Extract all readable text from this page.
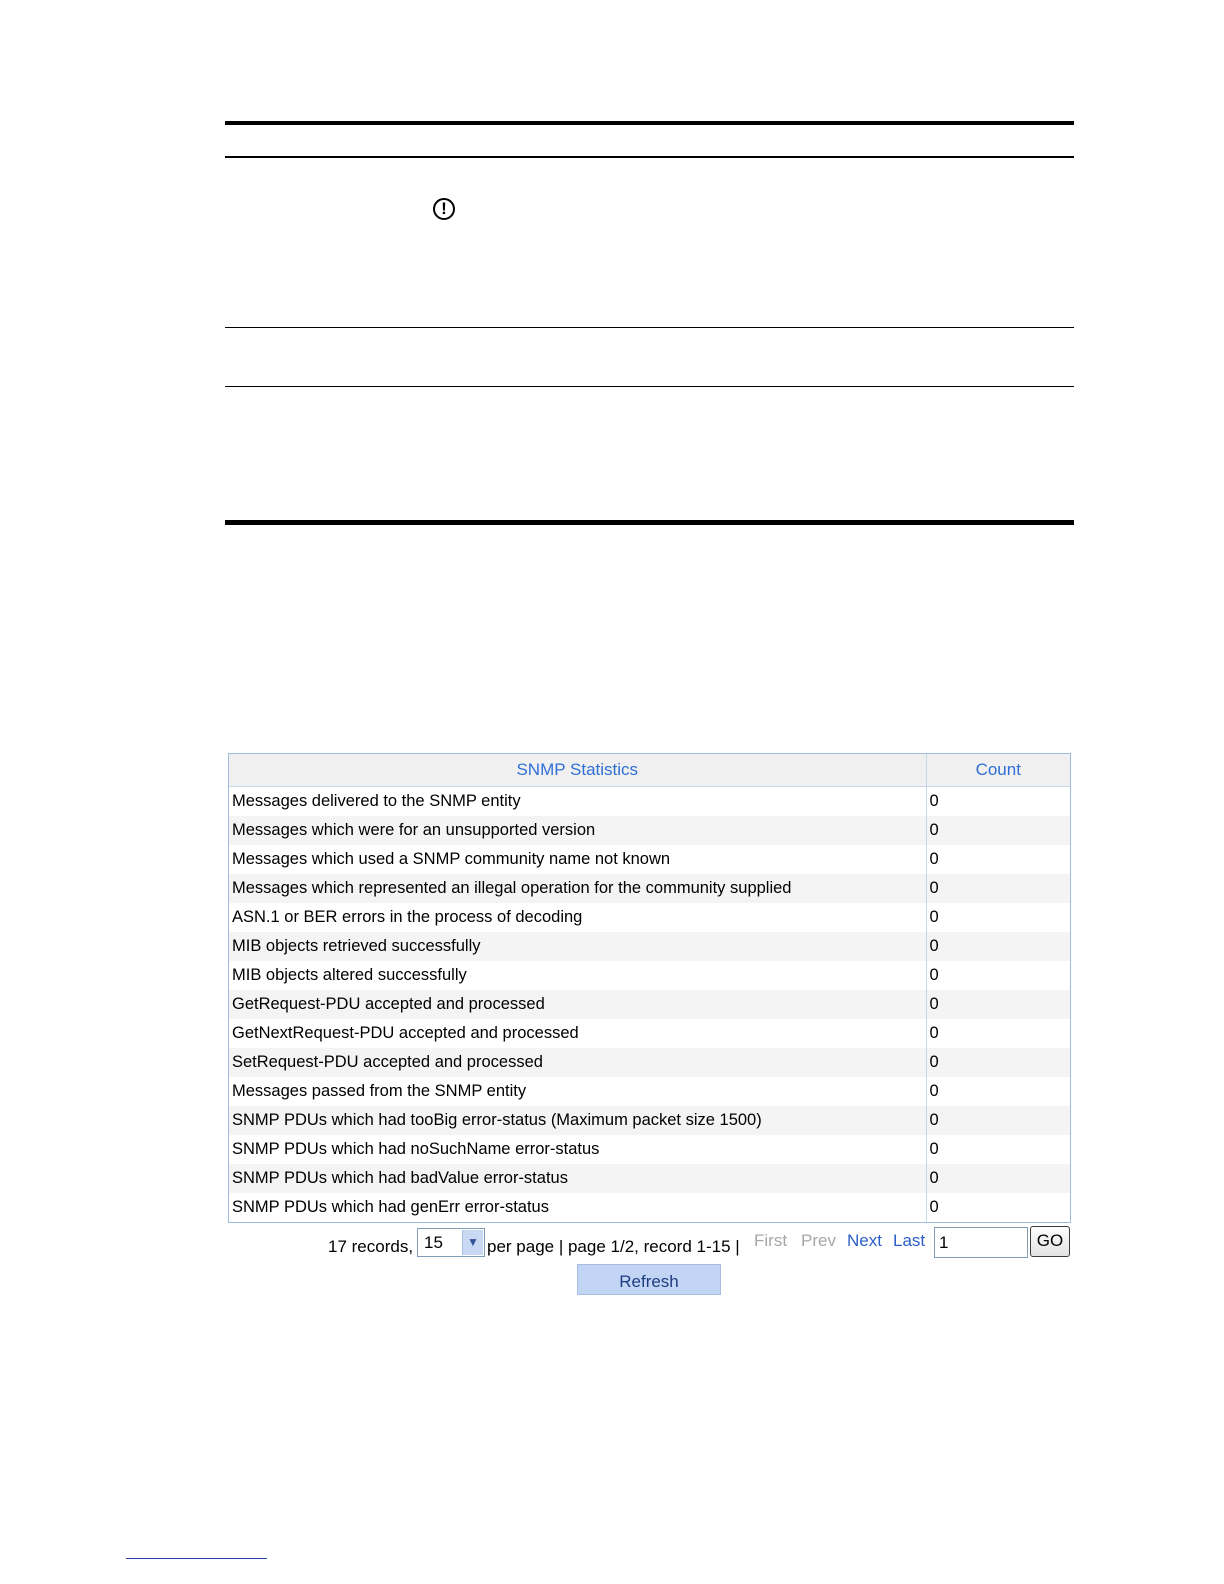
!
SNMP Statistics	Count
Messages delivered to the SNMP entity	0
Messages which were for an unsupported version	0
Messages which used a SNMP community name not known	0
Messages which represented an illegal operation for the community supplied	0
ASN.1 or BER errors in the process of decoding	0
MIB objects retrieved successfully	0
MIB objects altered successfully	0
GetRequest-PDU accepted and processed	0
GetNextRequest-PDU accepted and processed	0
SetRequest-PDU accepted and processed	0
Messages passed from the SNMP entity	0
SNMP PDUs which had tooBig error-status (Maximum packet size 1500)	0
SNMP PDUs which had noSuchName error-status	0
SNMP PDUs which had badValue error-status	0
SNMP PDUs which had genErr error-status	0
17 records, 15	▼ per page | page 1/2, record 1-15 | First Prev Next Last 1	GO
Refresh
